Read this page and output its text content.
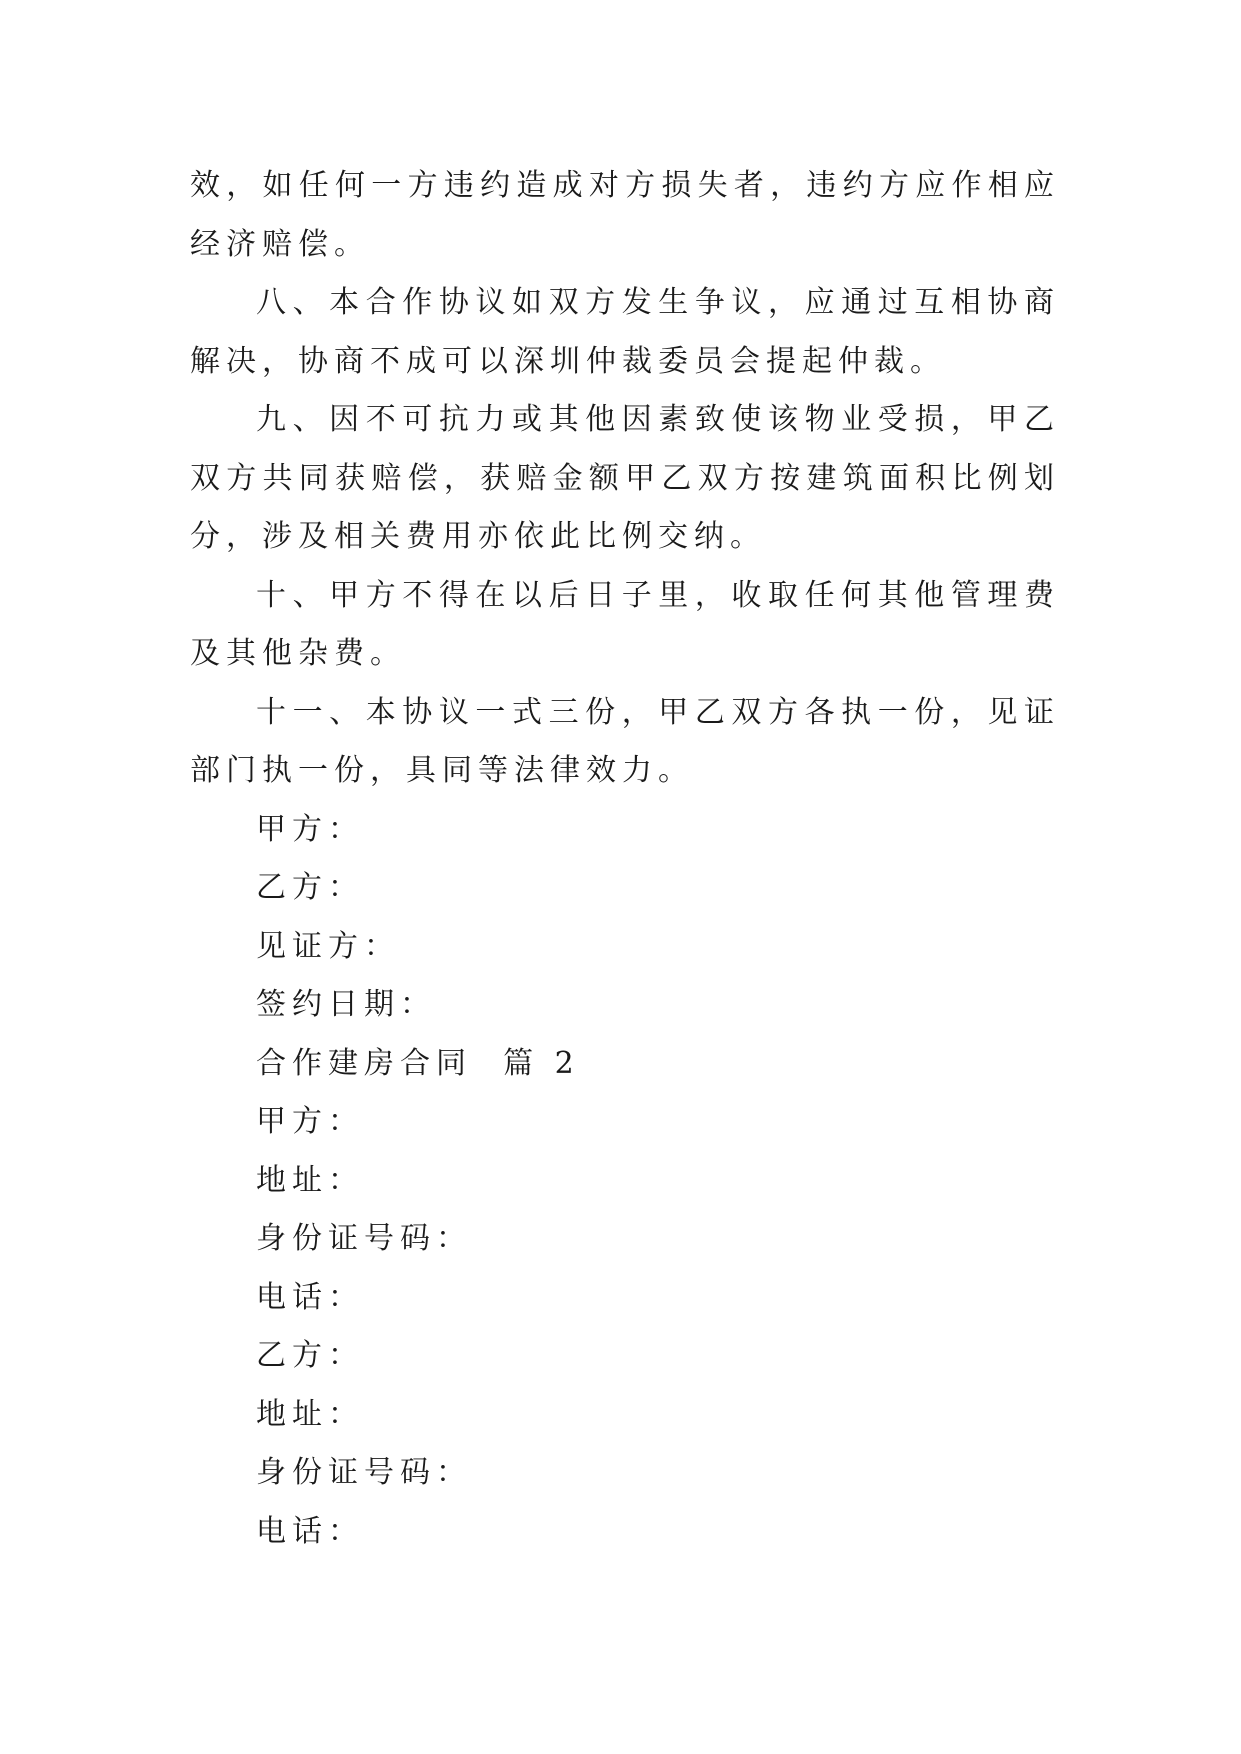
效，如任何一方违约造成对方损失者，违约方应作相应经济赔偿。

八、本合作协议如双方发生争议，应通过互相协商解决，协商不成可以深圳仲裁委员会提起仲裁。

九、因不可抗力或其他因素致使该物业受损，甲乙双方共同获赔偿，获赔金额甲乙双方按建筑面积比例划分，涉及相关费用亦依此比例交纳。

十、甲方不得在以后日子里，收取任何其他管理费及其他杂费。

十一、本协议一式三份，甲乙双方各执一份，见证部门执一份，具同等法律效力。

甲方：

乙方：

见证方：

签约日期：

合作建房合同  篇 2

甲方：

地址：

身份证号码：

电话：

乙方：

地址：

身份证号码：

电话：
